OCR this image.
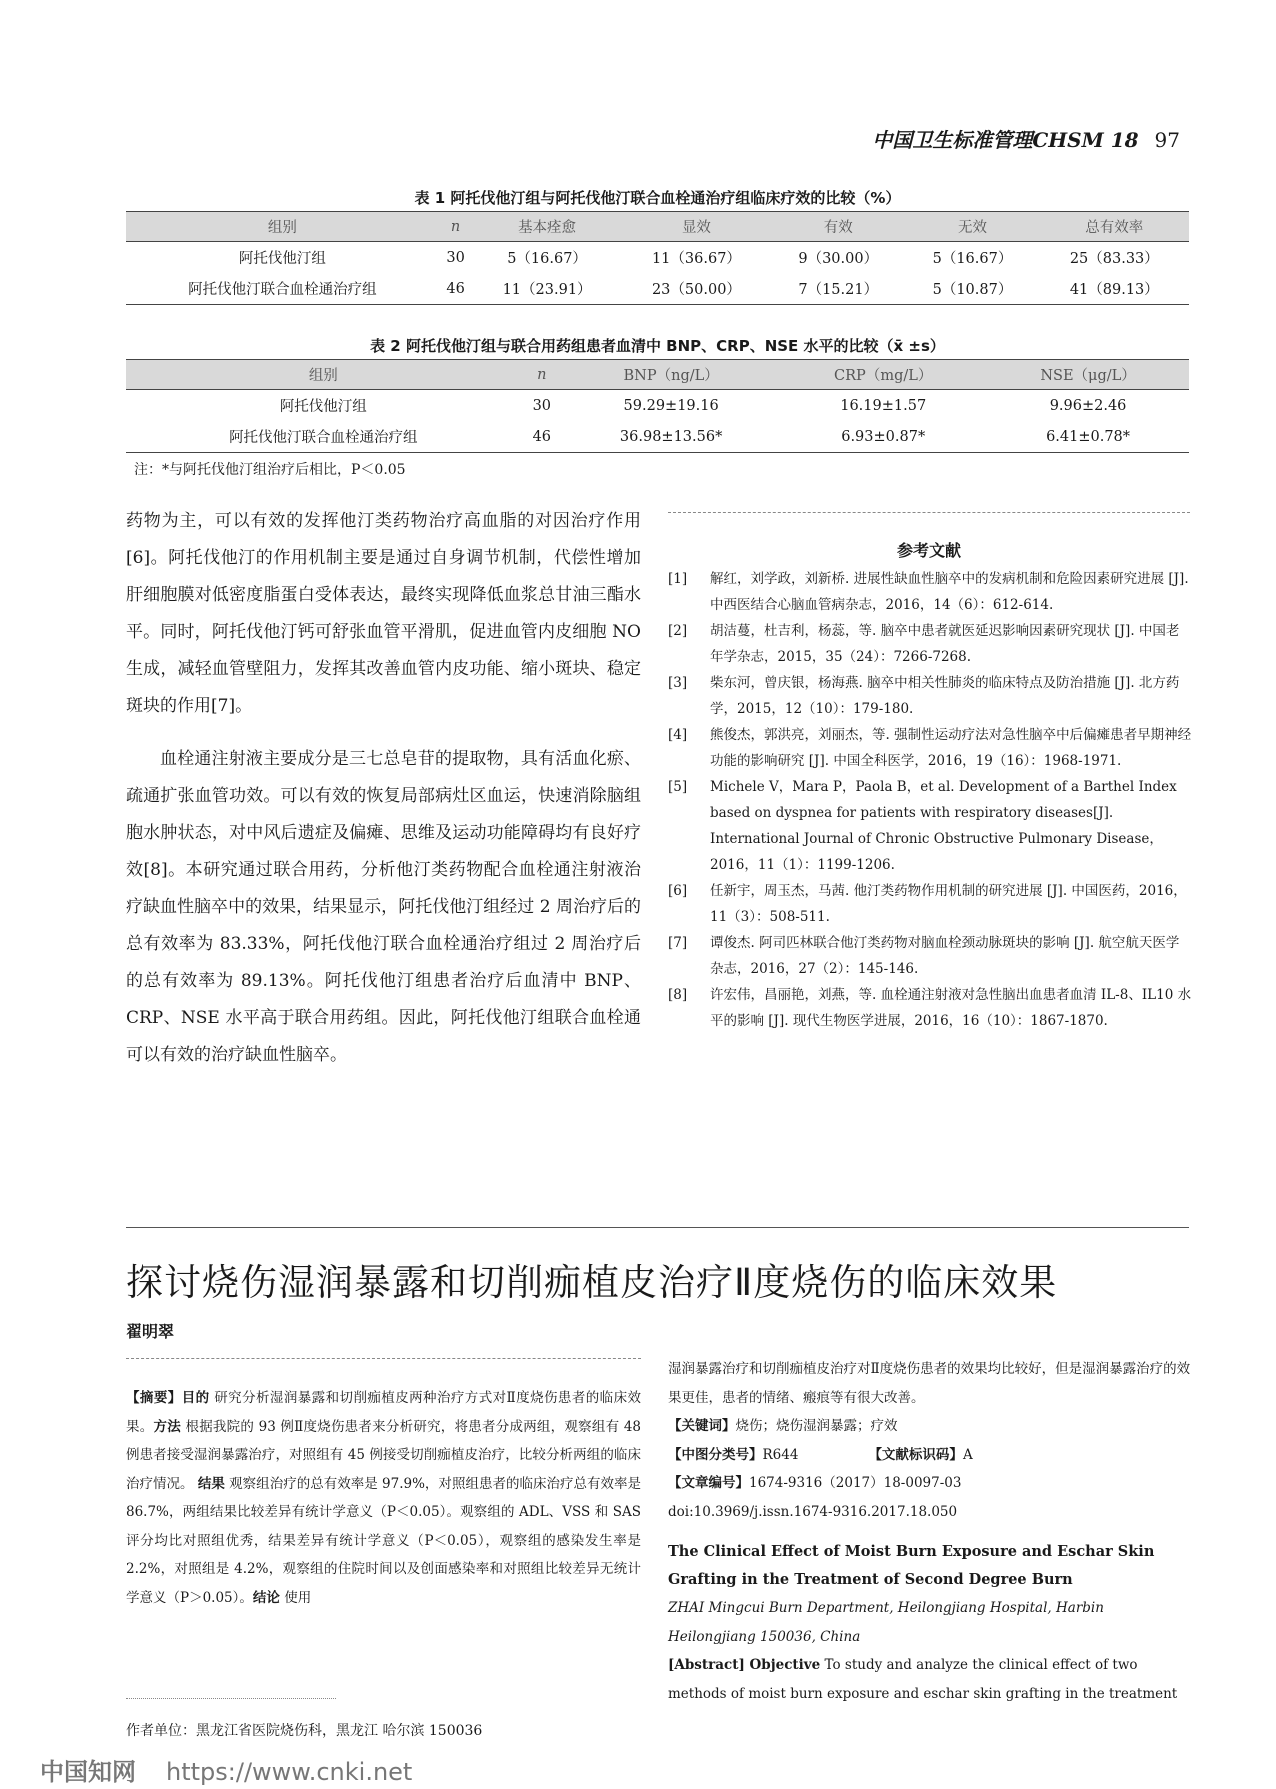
中国卫生标准管理CHSM 18 97
表 1 阿托伐他汀组与阿托伐他汀联合血栓通治疗组临床疗效的比较（%）
组别	n	基本痊愈	显效	有效	无效	总有效率
阿托伐他汀组	30	5（16.67）	11（36.67）	9（30.00）	5（16.67）	25（83.33）
阿托伐他汀联合血栓通治疗组	46	11（23.91）	23（50.00）	7（15.21）	5（10.87）	41（89.13）
表 2 阿托伐他汀组与联合用药组患者血清中 BNP、CRP、NSE 水平的比较（x̄ ±s）
组别	n	BNP（ng/L）	CRP（mg/L）	NSE（μg/L）
阿托伐他汀组	30	59.29±19.16	16.19±1.57	9.96±2.46
阿托伐他汀联合血栓通治疗组	46	36.98±13.56*	6.93±0.87*	6.41±0.78*
注：*与阿托伐他汀组治疗后相比，P＜0.05

药物为主，可以有效的发挥他汀类药物治疗高血脂的对因治疗作用[6]。阿托伐他汀的作用机制主要是通过自身调节机制，代偿性增加肝细胞膜对低密度脂蛋白受体表达，最终实现降低血浆总甘油三酯水平。同时，阿托伐他汀钙可舒张血管平滑肌，促进血管内皮细胞 NO 生成，减轻血管壁阻力，发挥其改善血管内皮功能、缩小斑块、稳定斑块的作用[7]。

血栓通注射液主要成分是三七总皂苷的提取物，具有活血化瘀、疏通扩张血管功效。可以有效的恢复局部病灶区血运，快速消除脑组胞水肿状态，对中风后遗症及偏瘫、思维及运动功能障碍均有良好疗效[8]。本研究通过联合用药，分析他汀类药物配合血栓通注射液治疗缺血性脑卒中的效果，结果显示，阿托伐他汀组经过 2 周治疗后的总有效率为 83.33%，阿托伐他汀联合血栓通治疗组过 2 周治疗后的总有效率为 89.13%。阿托伐他汀组患者治疗后血清中 BNP、CRP、NSE 水平高于联合用药组。因此，阿托伐他汀组联合血栓通可以有效的治疗缺血性脑卒。

参考文献
[1]	解红，刘学政，刘新桥. 进展性缺血性脑卒中的发病机制和危险因素研究进展 [J]. 中西医结合心脑血管病杂志，2016，14（6）：612-614.
[2]	胡洁蔓，杜吉利，杨蕊，等. 脑卒中患者就医延迟影响因素研究现状 [J]. 中国老年学杂志，2015，35（24）：7266-7268.
[3]	柴东河，曾庆银，杨海燕. 脑卒中相关性肺炎的临床特点及防治措施 [J]. 北方药学，2015，12（10）：179-180.
[4]	熊俊杰，郭洪亮，刘丽杰，等. 强制性运动疗法对急性脑卒中后偏瘫患者早期神经功能的影响研究 [J]. 中国全科医学，2016，19（16）：1968-1971.
[5]	Michele V，Mara P，Paola B，et al. Development of a Barthel Index based on dyspnea for patients with respiratory diseases[J]. International Journal of Chronic Obstructive Pulmonary Disease，2016，11（1）：1199-1206.
[6]	任新宇，周玉杰，马茜. 他汀类药物作用机制的研究进展 [J]. 中国医药，2016，11（3）：508-511.
[7]	谭俊杰. 阿司匹林联合他汀类药物对脑血栓颈动脉斑块的影响 [J]. 航空航天医学杂志，2016，27（2）：145-146.
[8]	许宏伟，昌丽艳，刘燕，等. 血栓通注射液对急性脑出血患者血清 IL-8、IL10 水平的影响 [J]. 现代生物医学进展，2016，16（10）：1867-1870.
探讨烧伤湿润暴露和切削痂植皮治疗Ⅱ度烧伤的临床效果
翟明翠
【摘要】目的 研究分析湿润暴露和切削痂植皮两种治疗方式对Ⅱ度烧伤患者的临床效果。方法 根据我院的 93 例Ⅱ度烧伤患者来分析研究，将患者分成两组，观察组有 48 例患者接受湿润暴露治疗，对照组有 45 例接受切削痂植皮治疗，比较分析两组的临床治疗情况。 结果 观察组治疗的总有效率是 97.9%，对照组患者的临床治疗总有效率是 86.7%，两组结果比较差异有统计学意义（P＜0.05）。观察组的 ADL、VSS 和 SAS 评分均比对照组优秀，结果差异有统计学意义（P＜0.05），观察组的感染发生率是 2.2%，对照组是 4.2%，观察组的住院时间以及创面感染率和对照组比较差异无统计学意义（P＞0.05）。结论 使用

湿润暴露治疗和切削痂植皮治疗对Ⅱ度烧伤患者的效果均比较好，但是湿润暴露治疗的效果更佳，患者的情绪、瘢痕等有很大改善。

【关键词】烧伤；烧伤湿润暴露；疗效

【中图分类号】R644	【文献标识码】A

【文章编号】1674-9316（2017）18-0097-03

doi:10.3969/j.issn.1674-9316.2017.18.050

The Clinical Effect of Moist Burn Exposure and Eschar Skin Grafting in the Treatment of Second Degree Burn

ZHAI Mingcui Burn Department, Heilongjiang Hospital, Harbin Heilongjiang 150036, China

[Abstract] Objective To study and analyze the clinical effect of two methods of moist burn exposure and eschar skin grafting in the treatment

作者单位：黑龙江省医院烧伤科，黑龙江 哈尔滨 150036
中国知网 https://www.cnki.net
